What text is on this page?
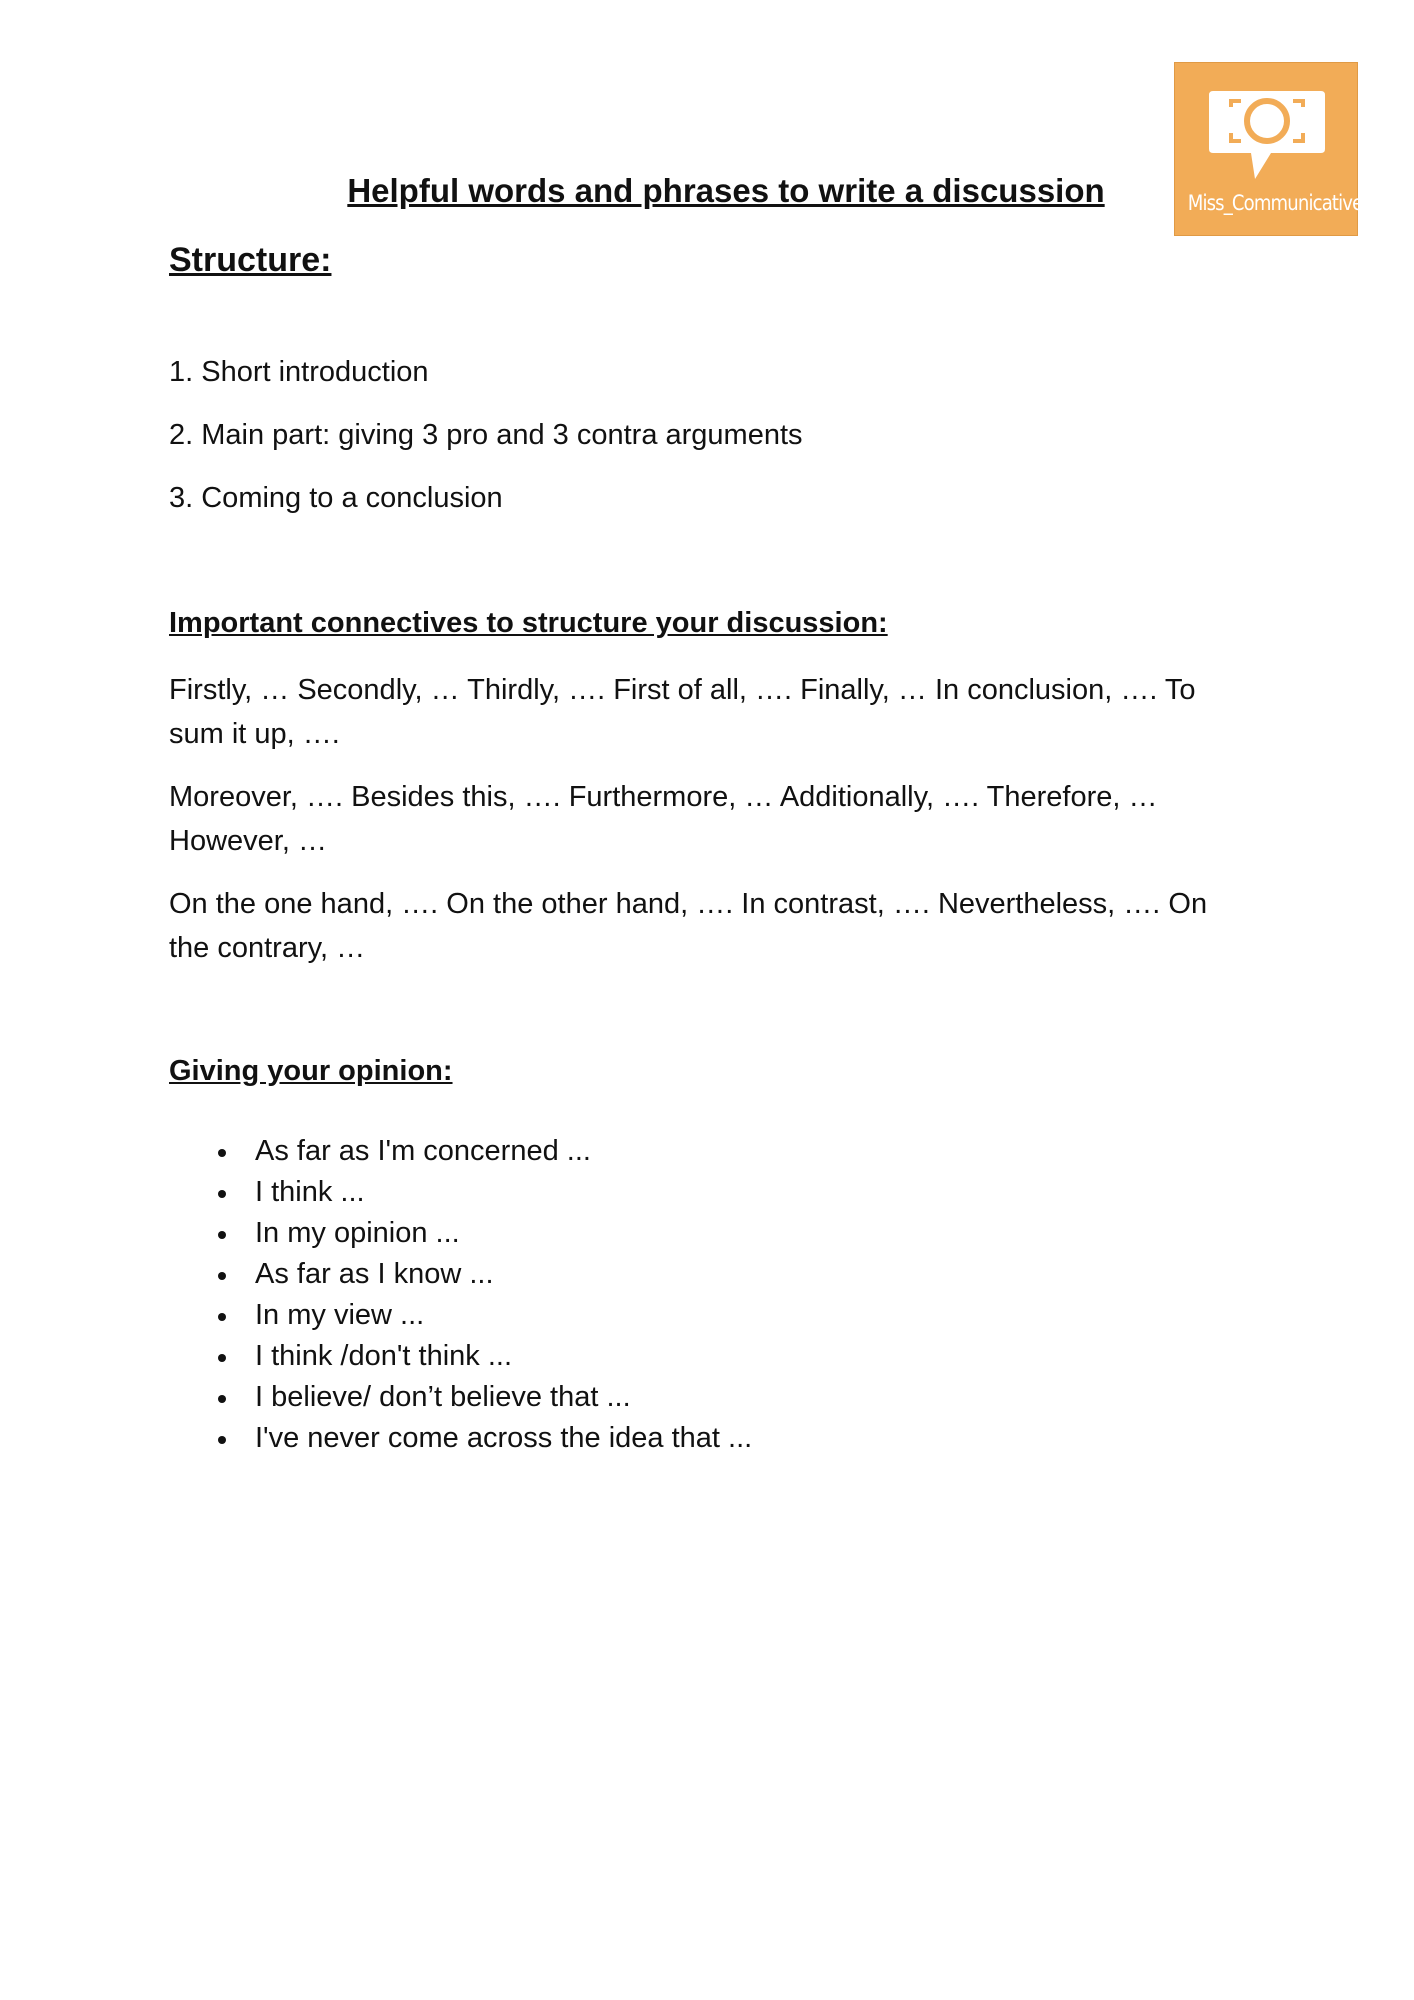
Miss_Communicative
Helpful words and phrases to write a discussion
Structure:
1. Short introduction
2. Main part: giving 3 pro and 3 contra arguments
3. Coming to a conclusion
Important connectives to structure your discussion:

Firstly, … Secondly, … Thirdly, …. First of all, …. Finally, … In conclusion, …. To sum it up, ….

Moreover, …. Besides this, …. Furthermore, … Additionally, …. Therefore, … However, …

On the one hand, …. On the other hand, …. In contrast, …. Nevertheless, …. On the contrary, …

Giving your opinion:
As far as I'm concerned ...
I think ...
In my opinion ...
As far as I know ...
In my view ...
I think /don't think ...
I believe/ don’t believe that ...
I've never come across the idea that ...
